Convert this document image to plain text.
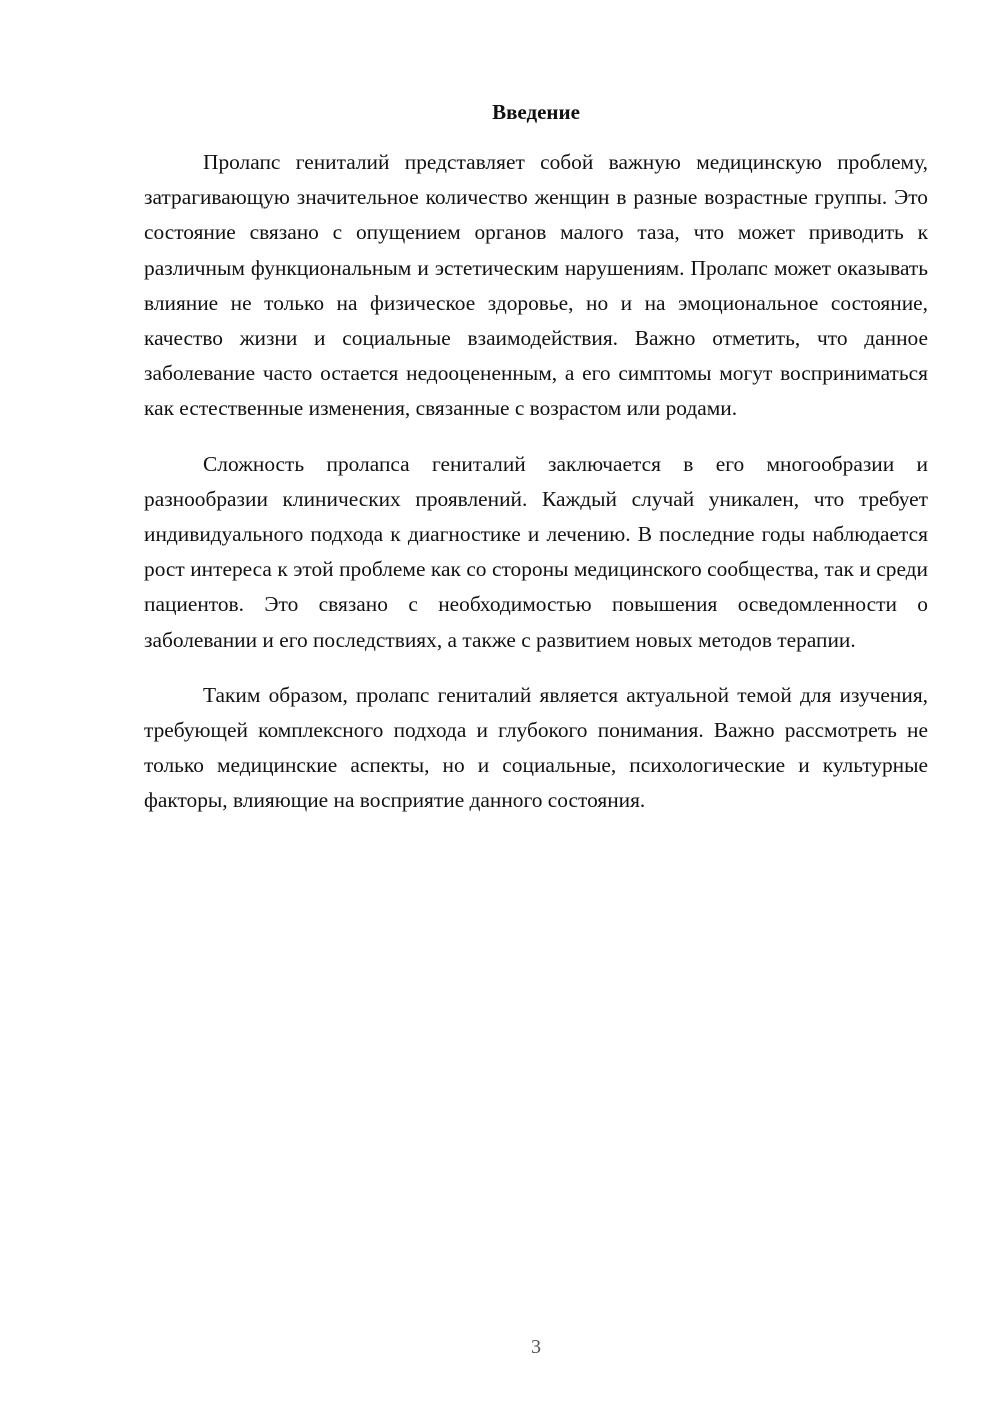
Введение

Пролапс гениталий представляет собой важную медицинскую проблему, затрагивающую значительное количество женщин в разные возрастные группы. Это состояние связано с опущением органов малого таза, что может приводить к различным функциональным и эстетическим нарушениям. Пролапс может оказывать влияние не только на физическое здоровье, но и на эмоциональное состояние, качество жизни и социальные взаимодействия. Важно отметить, что данное заболевание часто остается недооцененным, а его симптомы могут восприниматься как естественные изменения, связанные с возрастом или родами.

Сложность пролапса гениталий заключается в его многообразии и разнообразии клинических проявлений. Каждый случай уникален, что требует индивидуального подхода к диагностике и лечению. В последние годы наблюдается рост интереса к этой проблеме как со стороны медицинского сообщества, так и среди пациентов. Это связано с необходимостью повышения осведомленности о заболевании и его последствиях, а также с развитием новых методов терапии.

Таким образом, пролапс гениталий является актуальной темой для изучения, требующей комплексного подхода и глубокого понимания. Важно рассмотреть не только медицинские аспекты, но и социальные, психологические и культурные факторы, влияющие на восприятие данного состояния.

3
